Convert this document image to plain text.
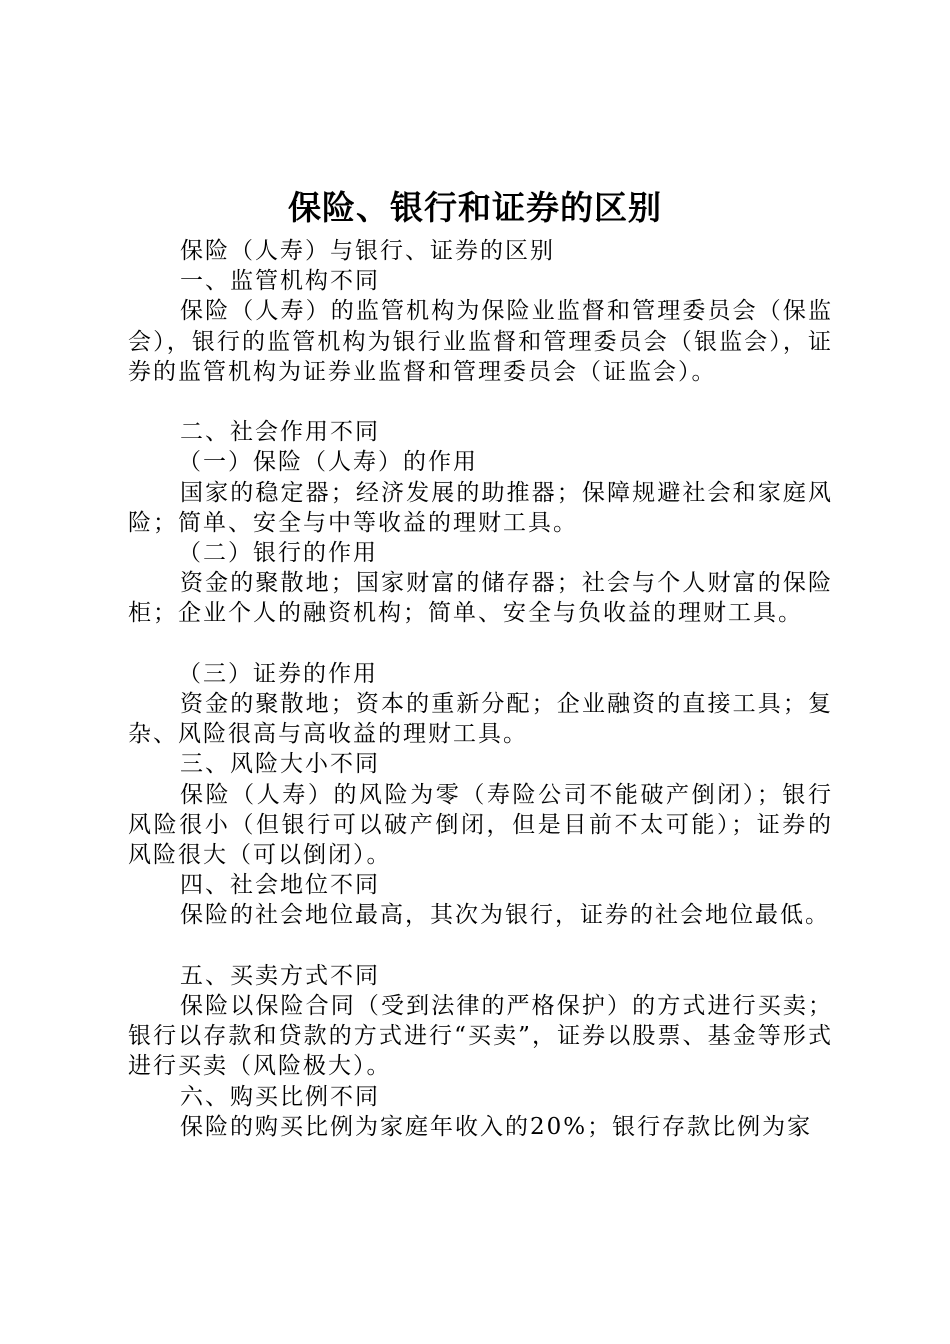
保险、银行和证券的区别

保险（人寿）与银行、证券的区别

一、监管机构不同

保险（人寿）的监管机构为保险业监督和管理委员会（保监会），银行的监管机构为银行业监督和管理委员会（银监会），证券的监管机构为证券业监督和管理委员会（证监会）。

二、社会作用不同

（一）保险（人寿）的作用

国家的稳定器；经济发展的助推器；保障规避社会和家庭风险；简单、安全与中等收益的理财工具。

（二）银行的作用

资金的聚散地；国家财富的储存器；社会与个人财富的保险柜；企业个人的融资机构；简单、安全与负收益的理财工具。

（三）证券的作用

资金的聚散地；资本的重新分配；企业融资的直接工具；复杂、风险很高与高收益的理财工具。

三、风险大小不同

保险（人寿）的风险为零（寿险公司不能破产倒闭）；银行风险很小（但银行可以破产倒闭，但是目前不太可能）；证券的风险很大（可以倒闭）。

四、社会地位不同

保险的社会地位最高，其次为银行，证券的社会地位最低。

五、买卖方式不同

保险以保险合同（受到法律的严格保护）的方式进行买卖；银行以存款和贷款的方式进行“买卖”，证券以股票、基金等形式进行买卖（风险极大）。

六、购买比例不同

保险的购买比例为家庭年收入的20%；银行存款比例为家
